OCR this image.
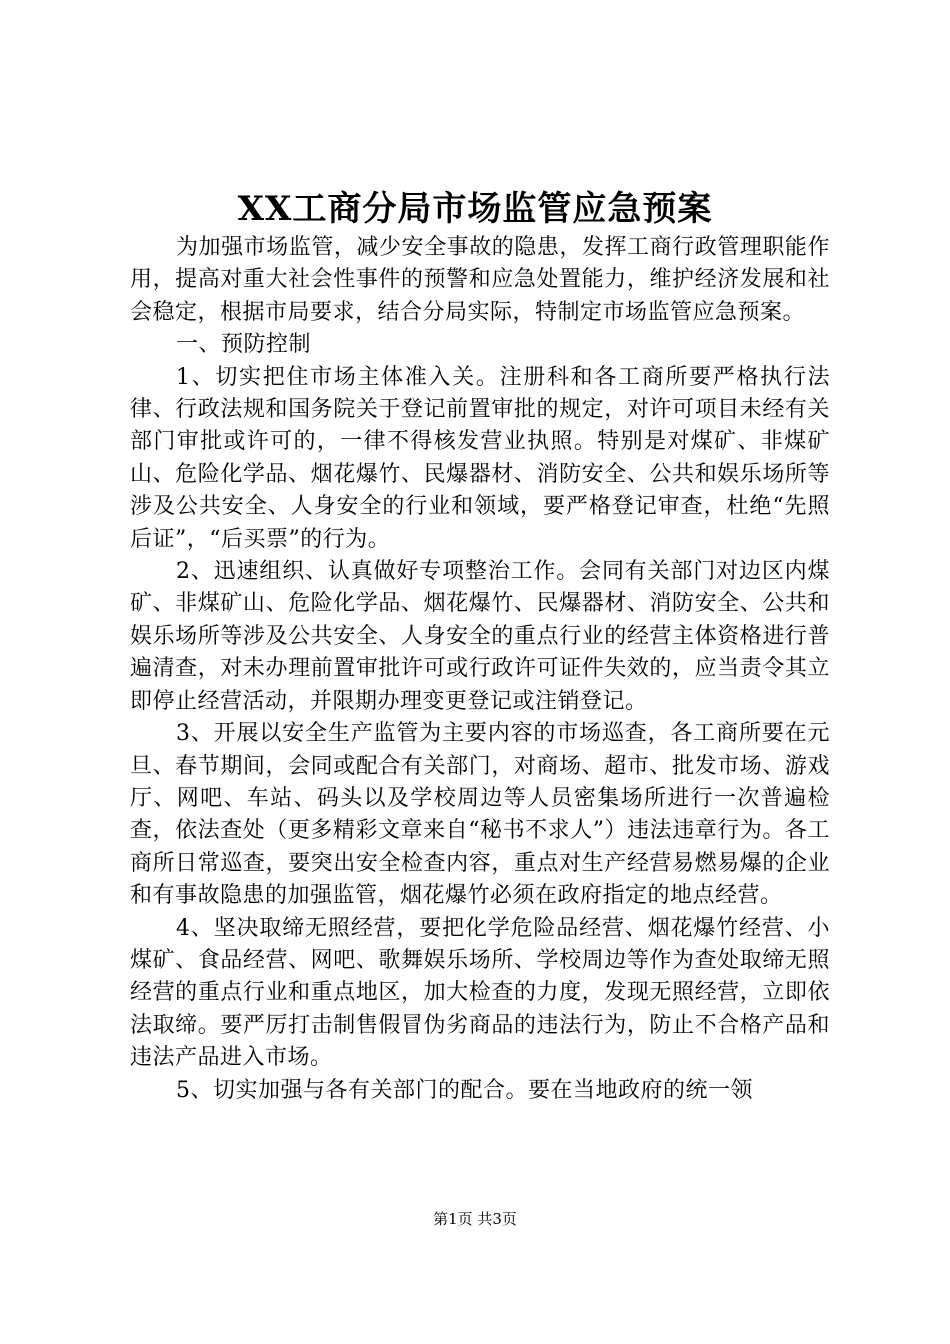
XX工商分局市场监管应急预案

为加强市场监管，减少安全事故的隐患，发挥工商行政管理职能作用，提高对重大社会性事件的预警和应急处置能力，维护经济发展和社会稳定，根据市局要求，结合分局实际，特制定市场监管应急预案。

一、预防控制

1、切实把住市场主体准入关。注册科和各工商所要严格执行法律、行政法规和国务院关于登记前置审批的规定，对许可项目未经有关部门审批或许可的，一律不得核发营业执照。特别是对煤矿、非煤矿山、危险化学品、烟花爆竹、民爆器材、消防安全、公共和娱乐场所等涉及公共安全、人身安全的行业和领域，要严格登记审查，杜绝“先照后证”，“后买票”的行为。

2、迅速组织、认真做好专项整治工作。会同有关部门对边区内煤矿、非煤矿山、危险化学品、烟花爆竹、民爆器材、消防安全、公共和娱乐场所等涉及公共安全、人身安全的重点行业的经营主体资格进行普遍清查，对未办理前置审批许可或行政许可证件失效的，应当责令其立即停止经营活动，并限期办理变更登记或注销登记。

3、开展以安全生产监管为主要内容的市场巡查，各工商所要在元旦、春节期间，会同或配合有关部门，对商场、超市、批发市场、游戏厅、网吧、车站、码头以及学校周边等人员密集场所进行一次普遍检查，依法查处（更多精彩文章来自“秘书不求人”）违法违章行为。各工商所日常巡查，要突出安全检查内容，重点对生产经营易燃易爆的企业和有事故隐患的加强监管，烟花爆竹必须在政府指定的地点经营。

4、坚决取缔无照经营，要把化学危险品经营、烟花爆竹经营、小煤矿、食品经营、网吧、歌舞娱乐场所、学校周边等作为查处取缔无照经营的重点行业和重点地区，加大检查的力度，发现无照经营，立即依法取缔。要严厉打击制售假冒伪劣商品的违法行为，防止不合格产品和违法产品进入市场。

5、切实加强与各有关部门的配合。要在当地政府的统一领

第1页 共3页
